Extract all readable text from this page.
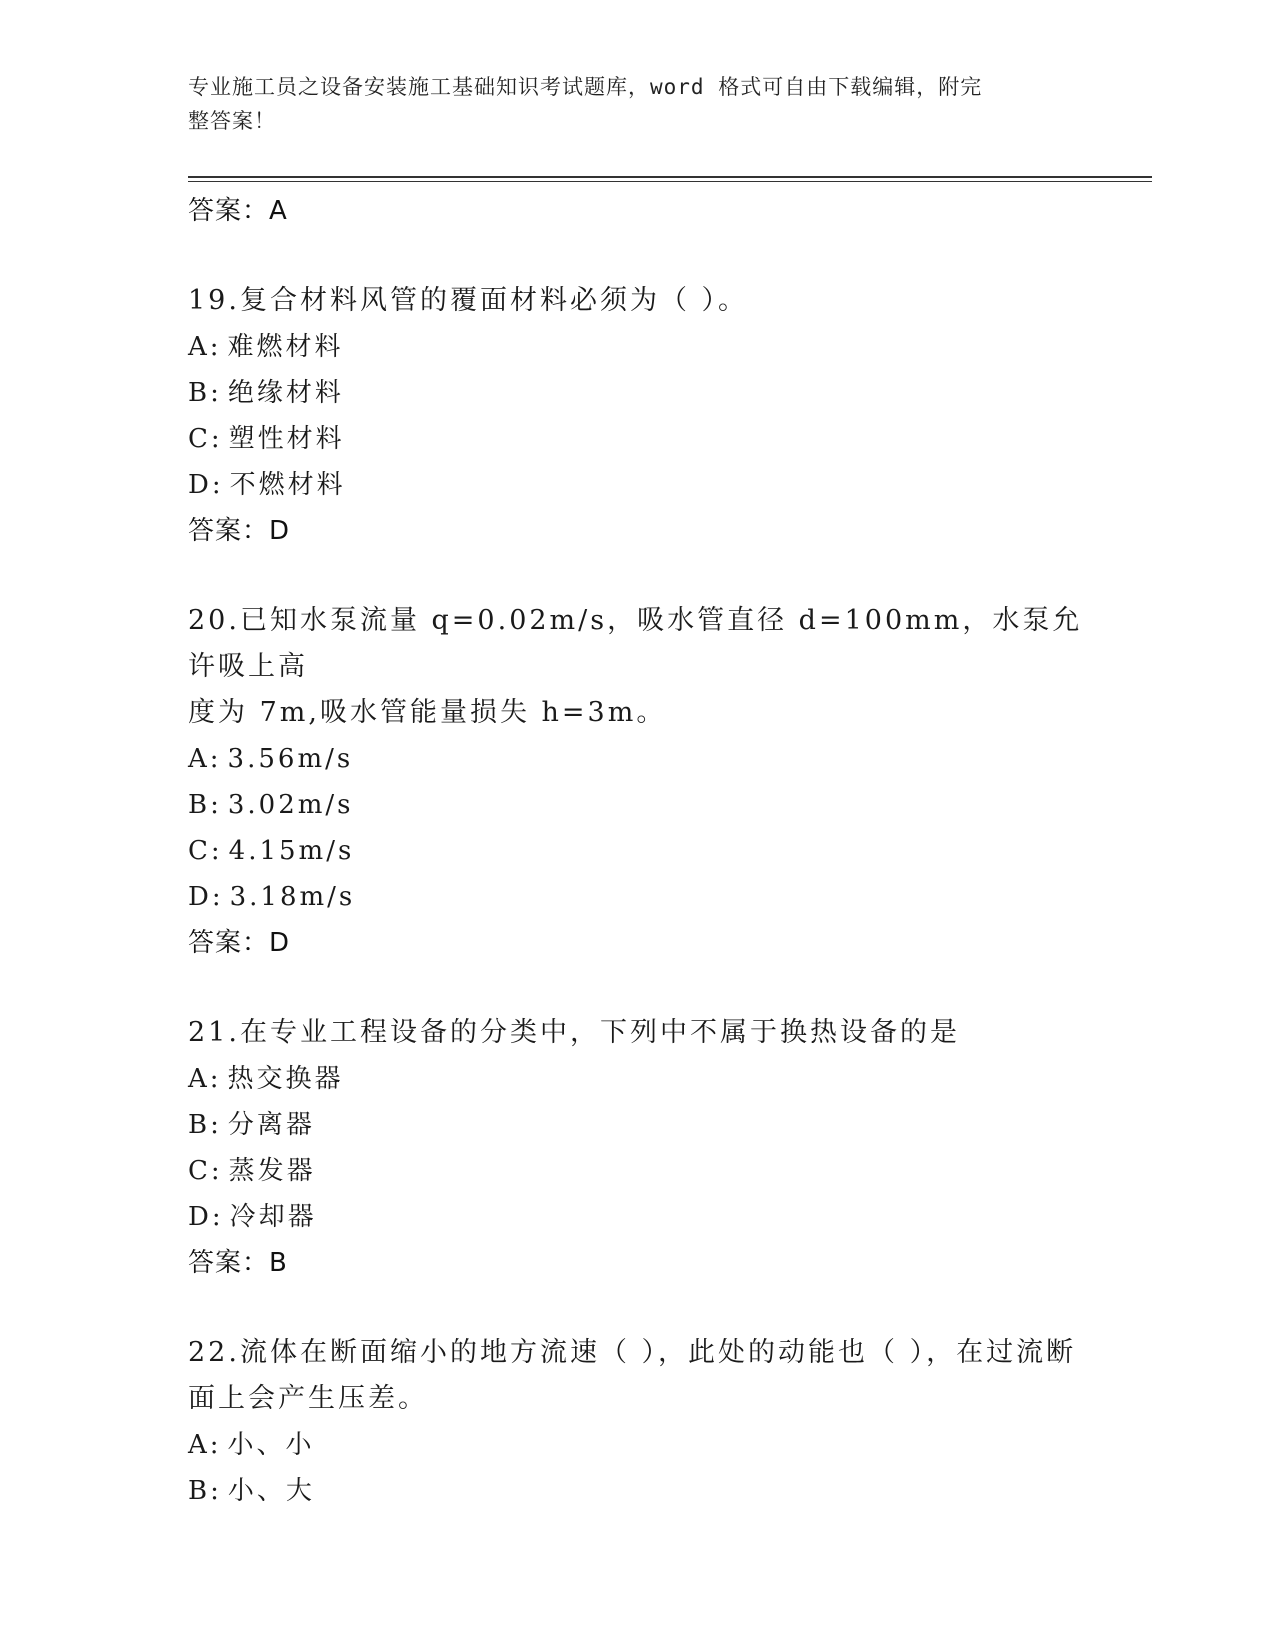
专业施工员之设备安装施工基础知识考试题库，word 格式可自由下载编辑，附完
整答案！
答案：A
19.复合材料风管的覆面材料必须为（ ）。
A: 难燃材料
B: 绝缘材料
C: 塑性材料
D: 不燃材料
答案：D
20.已知水泵流量 q=0.02m/s，吸水管直径 d=100mm，水泵允许吸上高
度为 7m,吸水管能量损失 h=3m。
A: 3.56m/s
B: 3.02m/s
C: 4.15m/s
D: 3.18m/s
答案：D
21.在专业工程设备的分类中，下列中不属于换热设备的是
A: 热交换器
B: 分离器
C: 蒸发器
D: 冷却器
答案：B
22.流体在断面缩小的地方流速（ ），此处的动能也（ ），在过流断
面上会产生压差。
A: 小、小
B: 小、大
